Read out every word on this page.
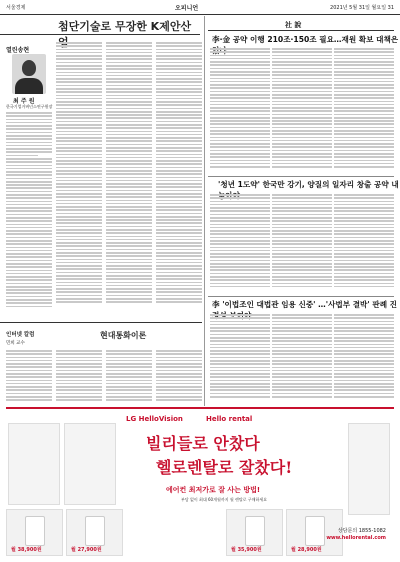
서울경제	오피니언	2021년 5월 31일 월요일 31
첨단기술로 무장한 K제안산업
열린송현
최 주 원
한국기업거버넌스연구원장
社 說
李·金 공약 이행 210조·150조 필요…재원 확보 대책은
'청년 1도약' 한국만 강기, 양질의 일자리 창출 공약 내
李 '이법조인 대법관 임용 신중' …'사법부 결박' 판례 진
인터넷 칼럼
민희 교수
현대통화이론
LG HelloVision	Hello rental
빌리들로 안찼다
헬로렌탈로 잘찼다!
에어컨 최저가로 잘 사는 방법!
부담 없이 최대 60개월까지 월 렌탈로 구매하세요
월 38,900원	월 27,900원	월 35,900원	월 28,900원
상담문의 1855-1082
www.hellorental.com
